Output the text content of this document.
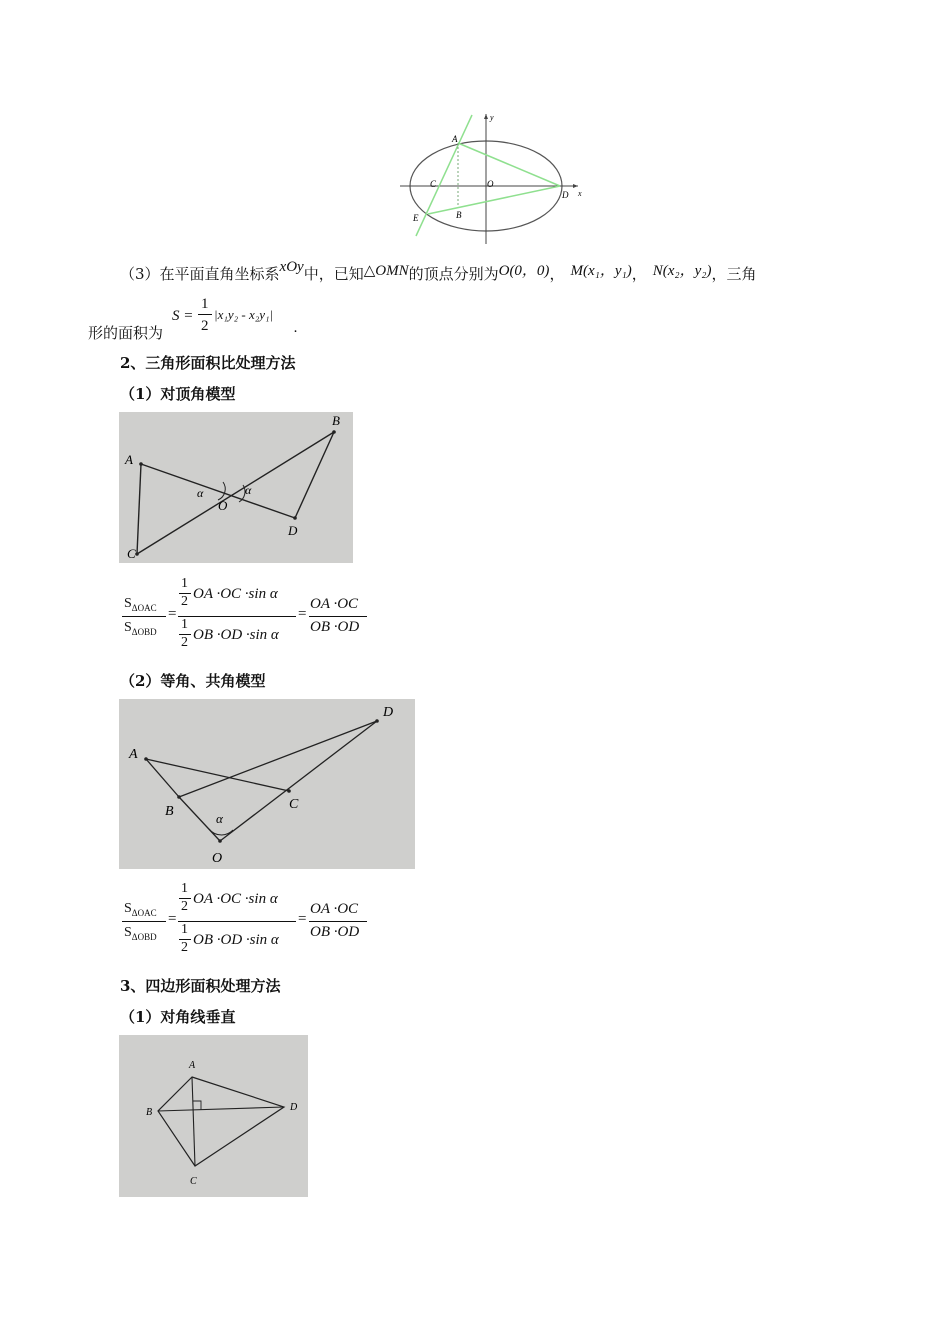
A
B
C
D
E
O
x
y
（3）在平面直角坐标系xOy中，已知△OMN的顶点分别为O(0，0)， M(x₁，y₁)， N(x₂，y₂)，三角
形的面积为
S =
1
2
|x₁y₂ - x₂y₁|
.
2、三角形面积比处理方法
（1）对顶角模型
A
B
C
D
O
α	α
$S_{\Delta OAC}$
$S_{\Delta OBD}$
=
1
2 OA ·OC ·sin α
1
2 OB ·OD ·sin α
=
OA ·OC
OB ·OD
（2）等角、共角模型
A
B	C
D
O
α
$S_{\Delta OAC}$
$S_{\Delta OBD}$
=
1
2 OA ·OC ·sin α
1
2 OB ·OD ·sin α
=
OA ·OC
OB ·OD
3、四边形面积处理方法
（1）对角线垂直
A
B
C
D
